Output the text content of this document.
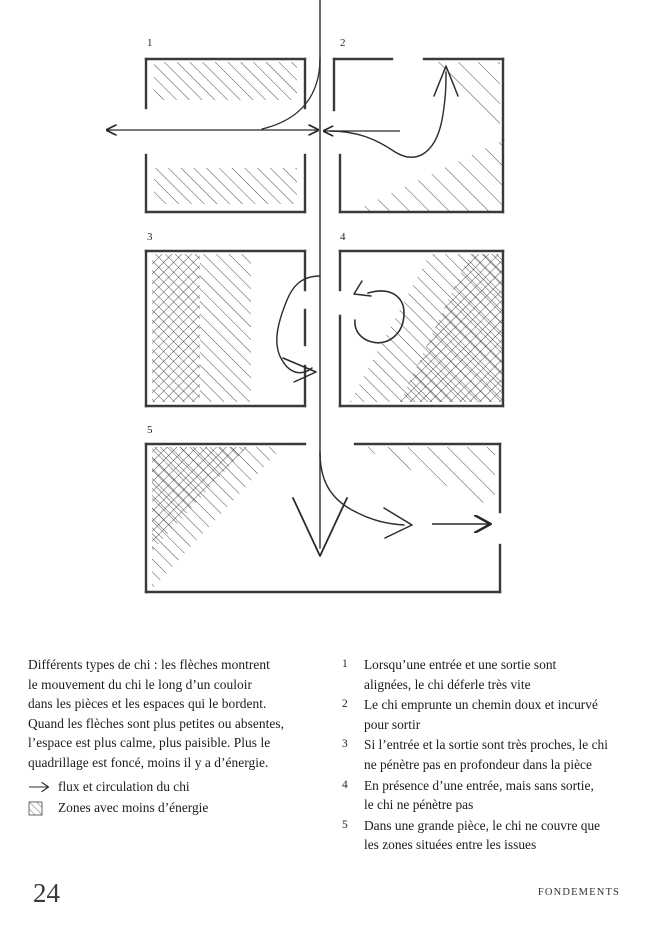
1	2
3	4
5
Différents types de chi : les flèches montrent
le mouvement du chi le long d’un couloir
dans les pièces et les espaces qui le bordent.
Quand les flèches sont plus petites ou absentes,
l’espace est plus calme, plus paisible. Plus le
quadrillage est foncé, moins il y a d’énergie.
flux et circulation du chi
Zones avec moins d’énergie
1	Lorsqu’une entrée et une sortie sont
alignées, le chi déferle très vite
2	Le chi emprunte un chemin doux et incurvé
pour sortir
3	Si l’entrée et la sortie sont très proches, le chi
ne pénètre pas en profondeur dans la pièce
4	En présence d’une entrée, mais sans sortie,
le chi ne pénètre pas
5	Dans une grande pièce, le chi ne couvre que
les zones situées entre les issues
24	FONDEMENTS
